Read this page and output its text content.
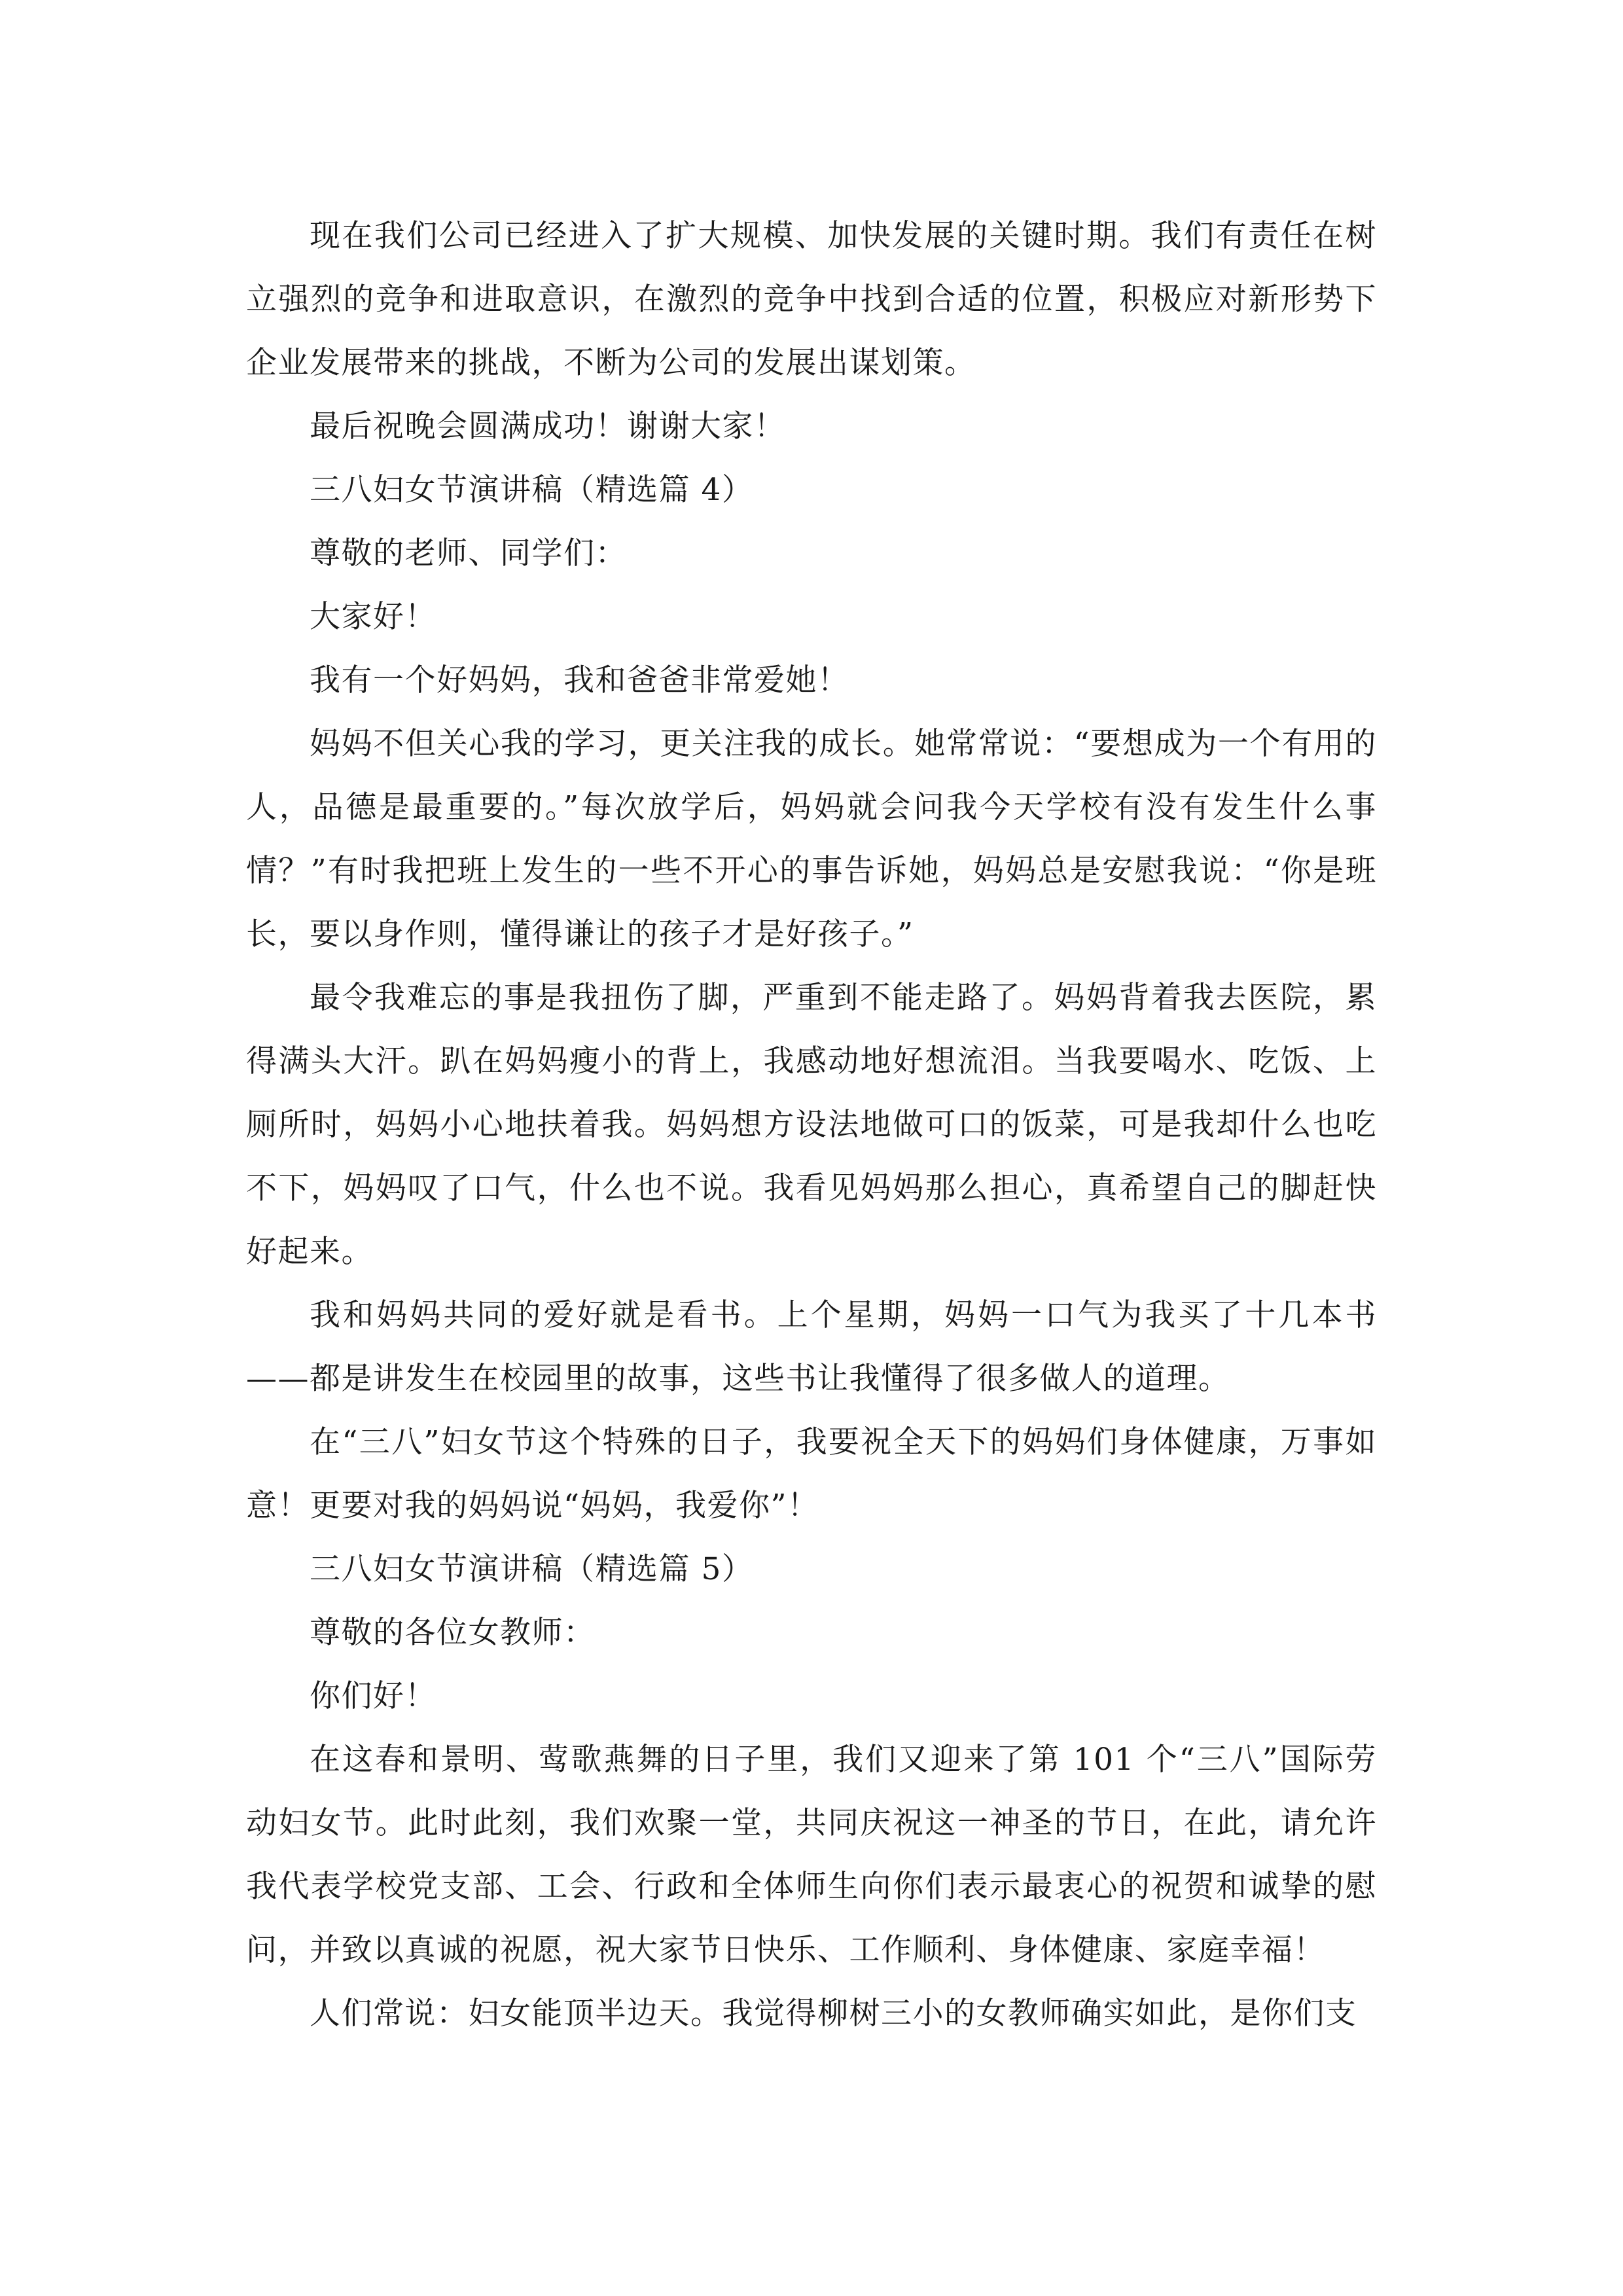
现在我们公司已经进入了扩大规模、加快发展的关键时期。我们有责任在树立强烈的竞争和进取意识，在激烈的竞争中找到合适的位置，积极应对新形势下企业发展带来的挑战，不断为公司的发展出谋划策。

最后祝晚会圆满成功！谢谢大家！

三八妇女节演讲稿（精选篇 4）

尊敬的老师、同学们：

大家好！

我有一个好妈妈，我和爸爸非常爱她！

妈妈不但关心我的学习，更关注我的成长。她常常说：“要想成为一个有用的人，品德是最重要的。”每次放学后，妈妈就会问我今天学校有没有发生什么事情？”有时我把班上发生的一些不开心的事告诉她，妈妈总是安慰我说：“你是班长，要以身作则，懂得谦让的孩子才是好孩子。”

最令我难忘的事是我扭伤了脚，严重到不能走路了。妈妈背着我去医院，累得满头大汗。趴在妈妈瘦小的背上，我感动地好想流泪。当我要喝水、吃饭、上厕所时，妈妈小心地扶着我。妈妈想方设法地做可口的饭菜，可是我却什么也吃不下，妈妈叹了口气，什么也不说。我看见妈妈那么担心，真希望自己的脚赶快好起来。

我和妈妈共同的爱好就是看书。上个星期，妈妈一口气为我买了十几本书——都是讲发生在校园里的故事，这些书让我懂得了很多做人的道理。

在“三八”妇女节这个特殊的日子，我要祝全天下的妈妈们身体健康，万事如意！更要对我的妈妈说“妈妈，我爱你”！

三八妇女节演讲稿（精选篇 5）

尊敬的各位女教师：

你们好！

在这春和景明、莺歌燕舞的日子里，我们又迎来了第 101 个“三八”国际劳动妇女节。此时此刻，我们欢聚一堂，共同庆祝这一神圣的节日，在此，请允许我代表学校党支部、工会、行政和全体师生向你们表示最衷心的祝贺和诚挚的慰问，并致以真诚的祝愿，祝大家节日快乐、工作顺利、身体健康、家庭幸福！

人们常说：妇女能顶半边天。我觉得柳树三小的女教师确实如此，是你们支
